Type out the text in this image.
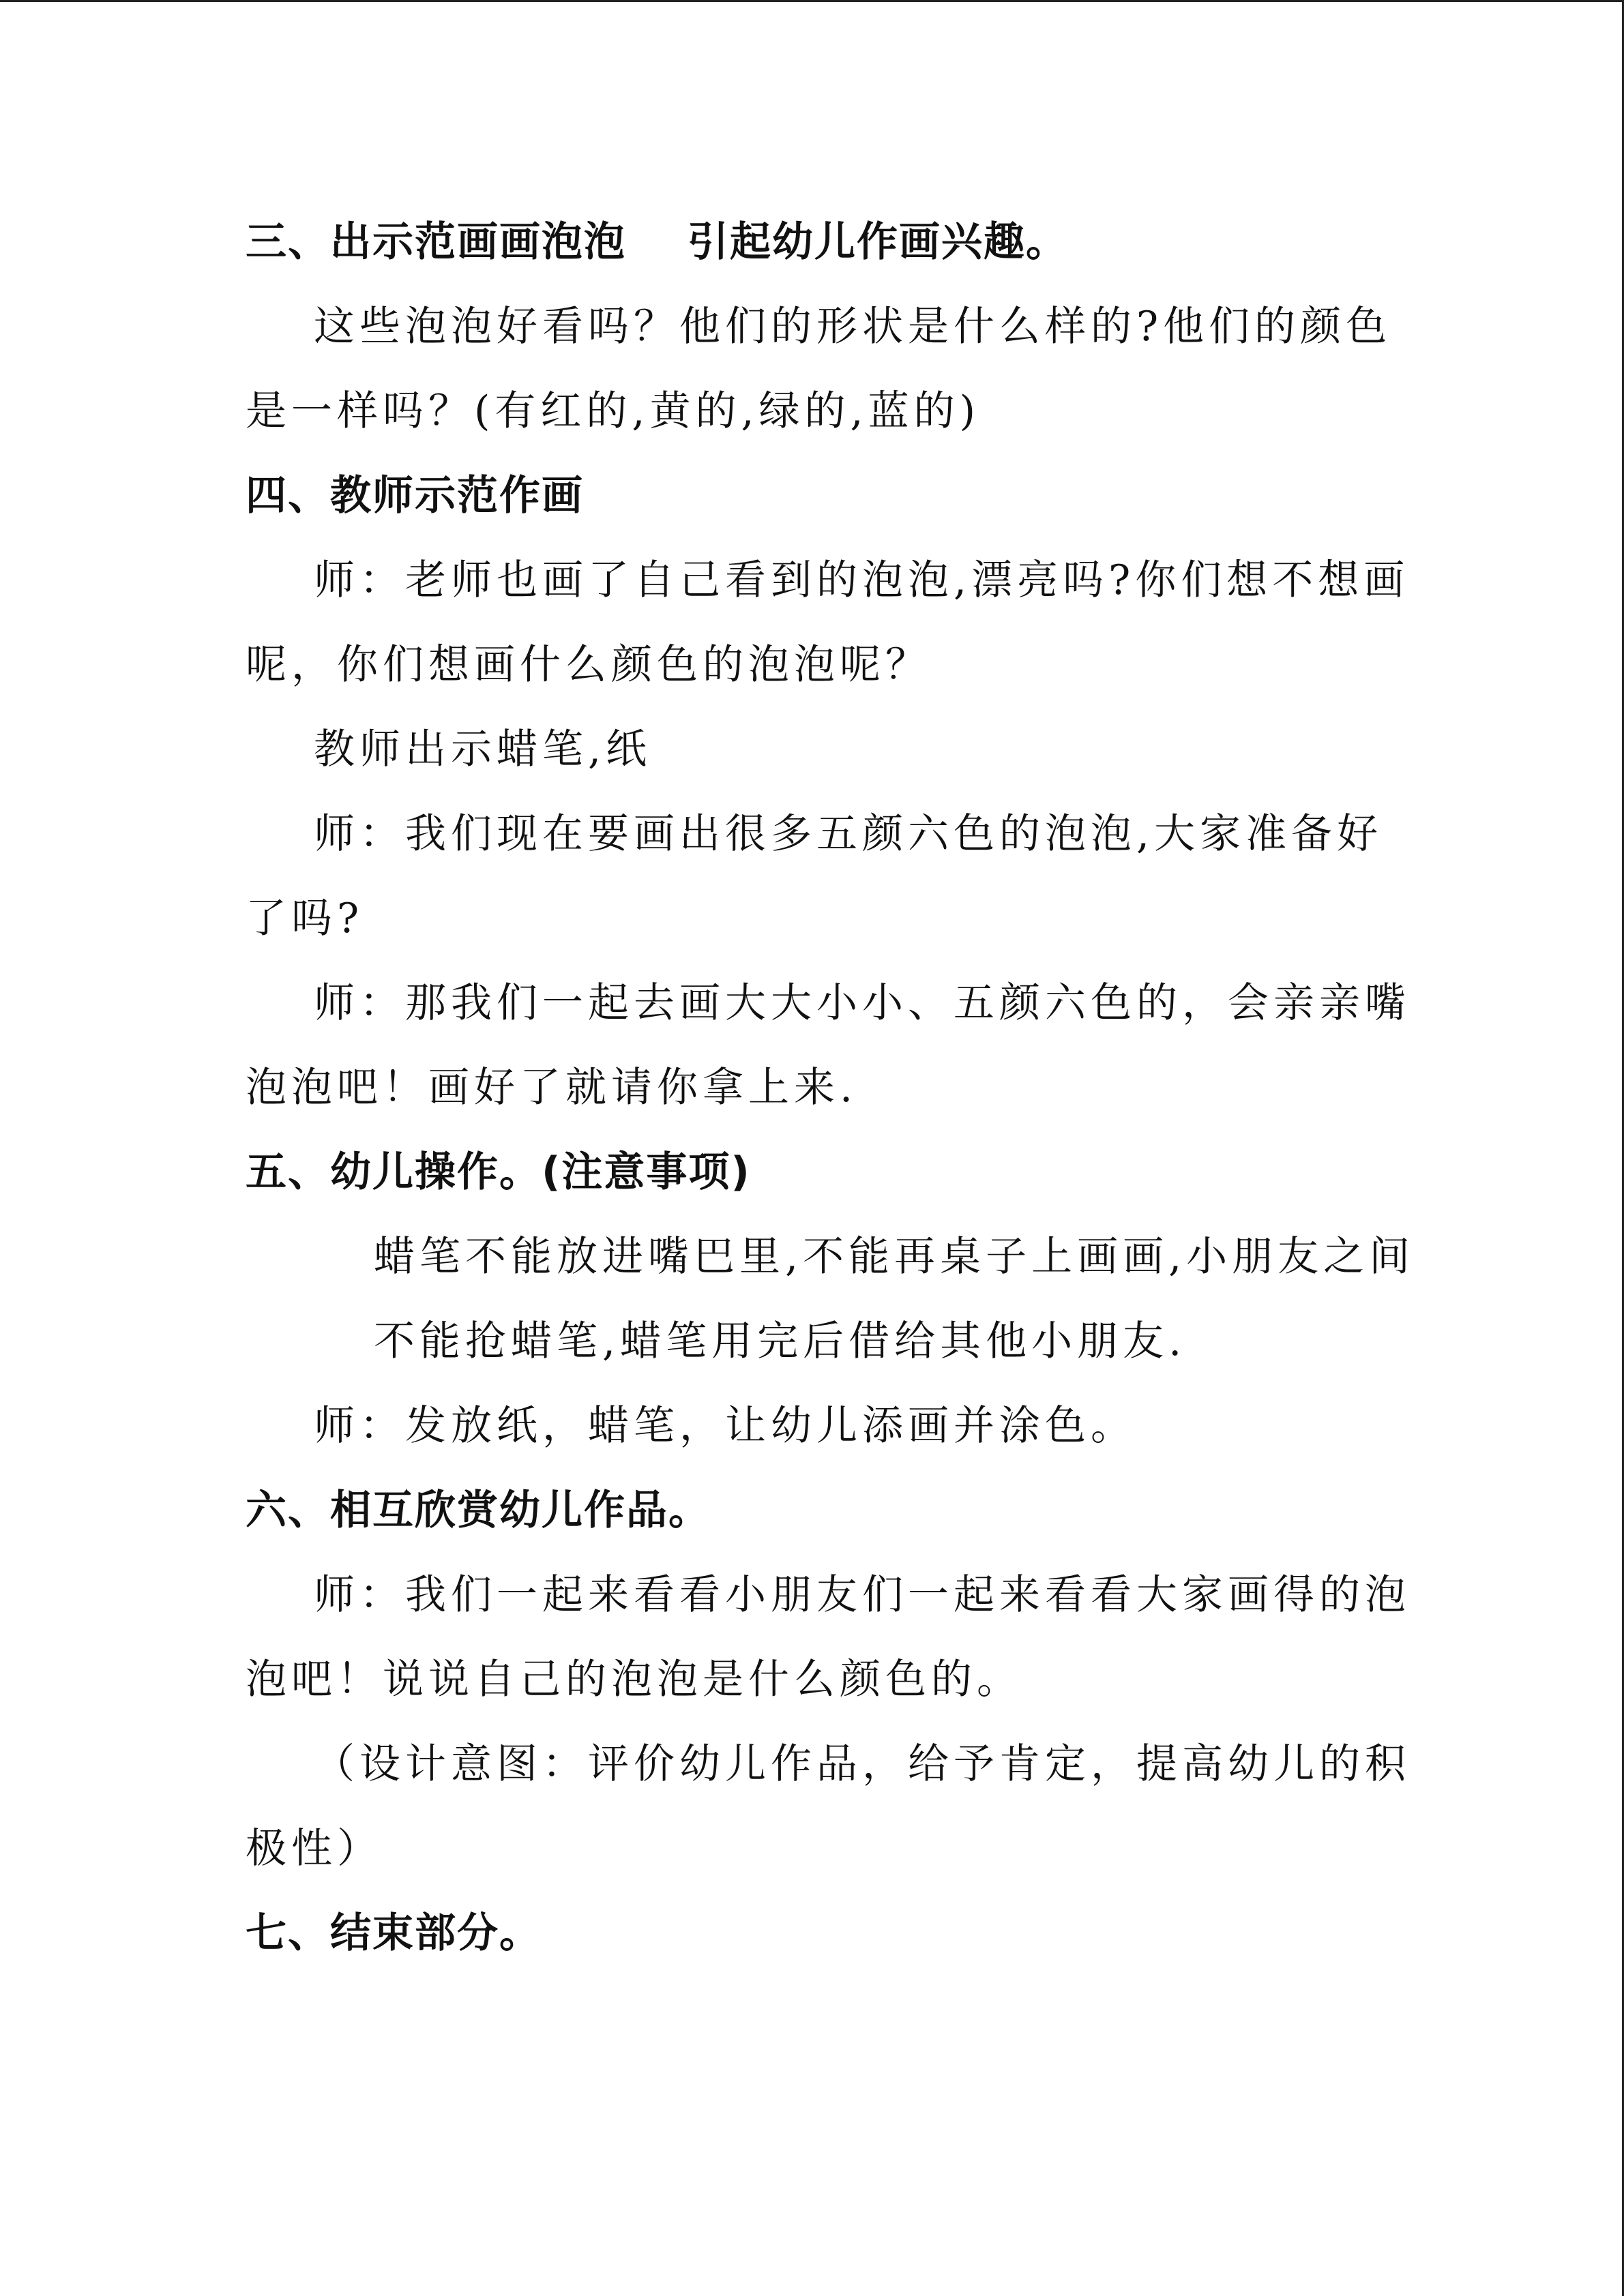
三、出示范画画泡泡 引起幼儿作画兴趣。
这些泡泡好看吗？他们的形状是什么样的?他们的颜色
是一样吗？(有红的,黄的,绿的,蓝的)
四、教师示范作画
师：老师也画了自己看到的泡泡,漂亮吗?你们想不想画
呢，你们想画什么颜色的泡泡呢？
教师出示蜡笔,纸
师：我们现在要画出很多五颜六色的泡泡,大家准备好
了吗?
师：那我们一起去画大大小小、五颜六色的，会亲亲嘴
泡泡吧！画好了就请你拿上来.
五、幼儿操作。(注意事项)
蜡笔不能放进嘴巴里,不能再桌子上画画,小朋友之间
不能抢蜡笔,蜡笔用完后借给其他小朋友.
师：发放纸，蜡笔，让幼儿添画并涂色。
六、相互欣赏幼儿作品。
师：我们一起来看看小朋友们一起来看看大家画得的泡
泡吧！说说自己的泡泡是什么颜色的。
（设计意图：评价幼儿作品，给予肯定，提高幼儿的积
极性）
七、结束部分。
